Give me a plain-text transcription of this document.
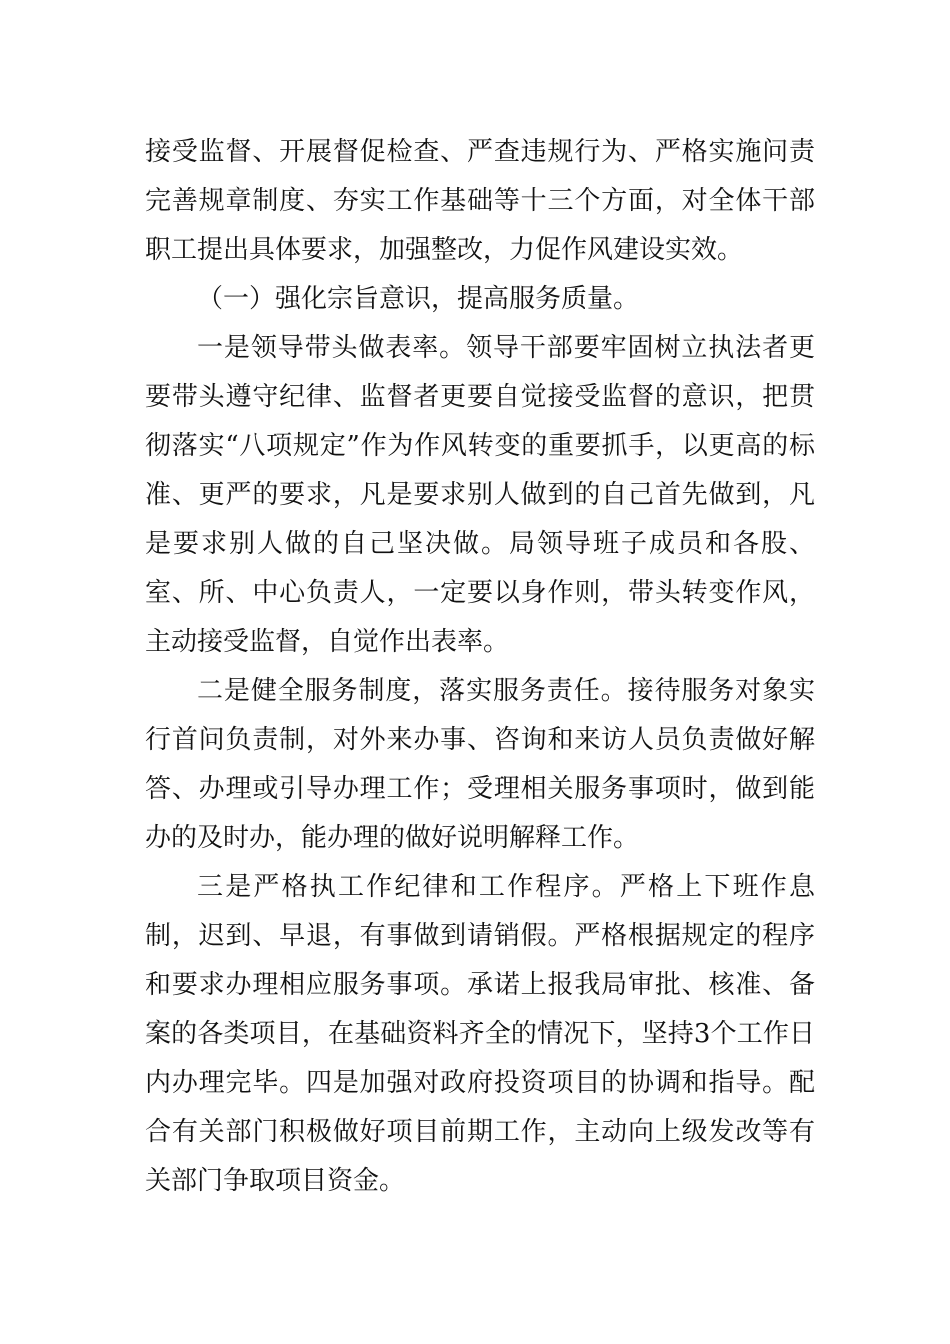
接受监督、开展督促检查、严查违规行为、严格实施问责完善规章制度、夯实工作基础等十三个方面，对全体干部职工提出具体要求，加强整改，力促作风建设实效。

（一）强化宗旨意识，提高服务质量。

一是领导带头做表率。领导干部要牢固树立执法者更要带头遵守纪律、监督者更要自觉接受监督的意识，把贯彻落实“八项规定”作为作风转变的重要抓手，以更高的标准、更严的要求，凡是要求别人做到的自己首先做到，凡是要求别人做的自己坚决做。局领导班子成员和各股、室、所、中心负责人，一定要以身作则，带头转变作风，主动接受监督，自觉作出表率。

二是健全服务制度，落实服务责任。接待服务对象实行首问负责制，对外来办事、咨询和来访人员负责做好解答、办理或引导办理工作；受理相关服务事项时，做到能办的及时办，能办理的做好说明解释工作。

三是严格执工作纪律和工作程序。严格上下班作息制，迟到、早退，有事做到请销假。严格根据规定的程序和要求办理相应服务事项。承诺上报我局审批、核准、备案的各类项目，在基础资料齐全的情况下，坚持3个工作日内办理完毕。四是加强对政府投资项目的协调和指导。配合有关部门积极做好项目前期工作，主动向上级发改等有关部门争取项目资金。
